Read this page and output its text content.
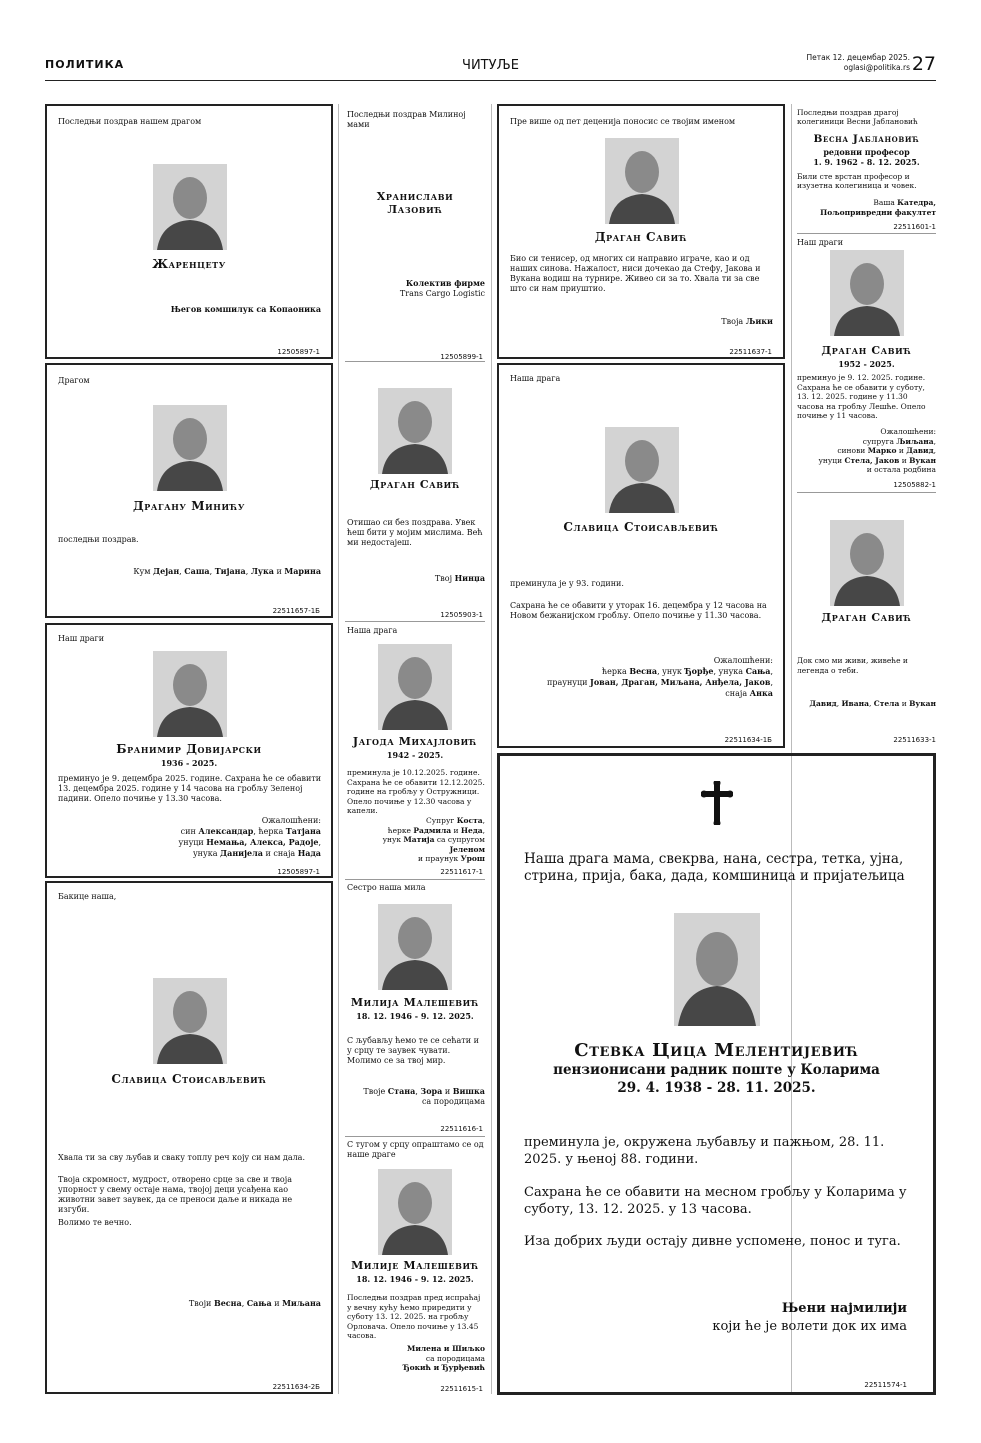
ПОЛИТИКА	ЧИТУЉЕ
Петак 12. децембар 2025.
oglasi@politika.rs 27

Последњи поздрав нашем драгом

Жаренцету

Његов комшилук са Копаоника

12505897-1

Драгом

Драгану Минићу

последњи поздрав.

Кум Дејан, Саша, Тијана, Лука и Марина

22511657-1Б

Наш драги

Бранимир Довијарски

1936 - 2025.

преминуо је 9. децембра 2025. године. Сахрана ће се обавити 13. децембра 2025. године у 14 часова на гробљу Зеленој падини. Опело почиње у 13.30 часова.

Ожалошћени:
син Александар, ћерка Татјана
унуци Немања, Алекса, Радоје,
унука Данијела и снаја Нада

12505897-1

Бакице наша,

Славица Стоисављевић

Хвала ти за сву љубав и сваку топлу реч коју си нам дала.

Твоја скромност, мудрост, отворено срце за све и твоја упорност у свему остаје нама, твојој деци усађена као животни завет заувек, да се преноси даље и никада не изгуби.

Волимо те вечно.

Твоји Весна, Сања и Миљана

22511634-2Б

Последњи поздрав Милиној мами

Хранислави Лазовић

Колектив фирме
Trans Cargo Logistic

12505899-1

Драган Савић

Отишао си без поздрава. Увек ћеш бити у мојим мислима. Већ ми недостајеш.

Твој Нинџа

12505903-1

Наша драга

Јагода Михајловић

1942 - 2025.

преминула је 10.12.2025. године. Сахрана ће се обавити 12.12.2025. године на гробљу у Остружници. Опело почиње у 12.30 часова у капели.

Супруг Коста,
ћерке Радмила и Неда,
унук Матија са супругом Јеленом
и праунук Урош

22511617-1

Сестро наша мила

Милија Малешевић

18. 12. 1946 - 9. 12. 2025.

С љубављу ћемо те се сећати и у срцу те заувек чувати. Молимо се за твој мир.

Твоје Стана, Зора и Вишка
са породицама

22511616-1

С тугом у срцу опраштамо се од наше драге

Милије Малешевић

18. 12. 1946 - 9. 12. 2025.

Последњи поздрав пред испраћај у вечну кућу ћемо приредити у суботу 13. 12. 2025. на гробљу Орловача. Опело почиње у 13.45 часова.

Милена и Шиљко
са породицама
Ђокић и Ђурђевић

22511615-1

Пре више од пет деценија поносис се твојим именом

Драган Савић

Био си тенисер, од многих си направио играче, као и од наших синова. Нажалост, ниси дочекао да Стефу, Јакова и Вукана водиш на турнире. Живео си за то. Хвала ти за све што си нам приуштио.

Твоја Љики

22511637-1

Наша драга

Славица Стоисављевић

преминула је у 93. години.

Сахрана ће се обавити у уторак 16. децембра у 12 часова на Новом бежанијском гробљу. Опело почиње у 11.30 часова.

Ожалошћени:
ћерка Весна, унук Ђорђе, унука Сања,
праунуци Јован, Драган, Миљана, Анђела, Јаков,
снаја Анка

22511634-1Б

Наша драга мама, свекрва, нана, сестра, тетка, ујна, стрина, прија, бака, дада, комшиница и пријатељица

Стевка Цица Мелентијевић

пензионисани радник поште у Коларима

29. 4. 1938 - 28. 11. 2025.

преминула је, окружена љубављу и пажњом, 28. 11. 2025. у њеној 88. години.

Сахрана ће се обавити на месном гробљу у Коларима у суботу, 13. 12. 2025. у 13 часова.

Иза добрих људи остају дивне успомене, понос и туга.

Њени најмилији
који ће је волети док их има

22511574-1

Последњи поздрав драгој колегиници Весни Јаблановић

Весна Јаблановић

редовни професор

1. 9. 1962 - 8. 12. 2025.

Били сте врстан професор и изузетна колегиница и човек.

Ваша Катедра,
Пољопривредни факултет

22511601-1

Наш драги

Драган Савић

1952 - 2025.

преминуо је 9. 12. 2025. године. Сахрана ће се обавити у суботу, 13. 12. 2025. године у 11.30 часова на гробљу Лешће. Опело почиње у 11 часова.

Ожалошћени:
супруга Љиљана,
синови Марко и Давид,
унуци Стела, Јаков и Вукан
и остала родбина

12505882-1

Драган Савић

Док смо ми живи, живеће и легенда о теби.

Давид, Ивана, Стела и Вукан

22511633-1
